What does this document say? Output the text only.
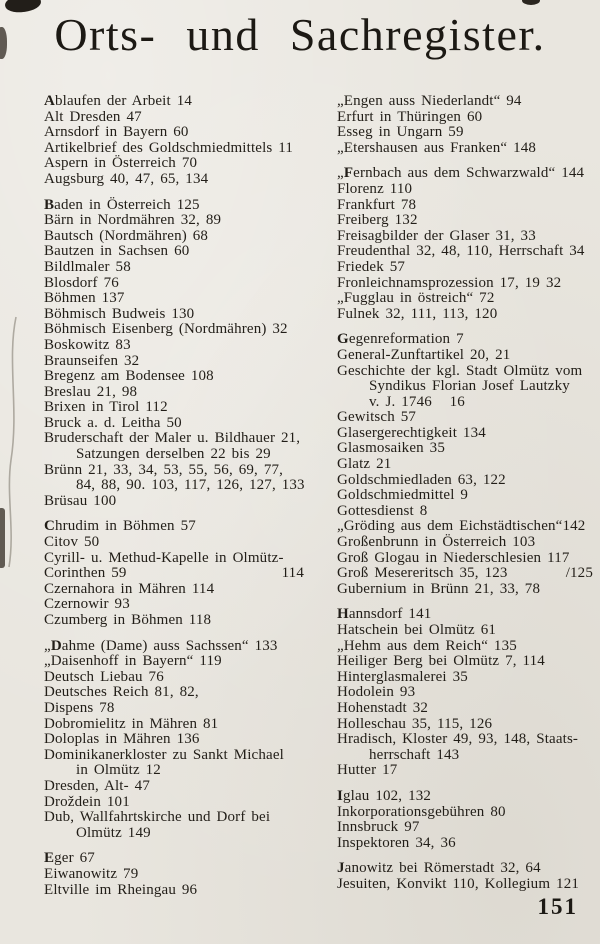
Orts- und Sachregister.
Ablaufen der Arbeit 14
Alt Dresden 47
Arnsdorf in Bayern 60
Artikelbrief des Goldschmiedmittels 11
Aspern in Österreich 70
Augsburg 40, 47, 65, 134
Baden in Österreich 125
Bärn in Nordmähren 32, 89
Bautsch (Nordmähren) 68
Bautzen in Sachsen 60
Bildlmaler 58
Blosdorf 76
Böhmen 137
Böhmisch Budweis 130
Böhmisch Eisenberg (Nordmähren) 32
Boskowitz 83
Braunseifen 32
Bregenz am Bodensee 108
Breslau 21, 98
Brixen in Tirol 112
Bruck a. d. Leitha 50
Bruderschaft der Maler u. Bildhauer 21,
Satzungen derselben 22 bis 29
Brünn 21, 33, 34, 53, 55, 56, 69, 77,
84, 88, 90. 103, 117, 126, 127, 133
Brüsau 100
Chrudim in Böhmen 57
Citov 50
Cyrill- u. Methud-Kapelle in Olmütz-
Corinthen 59	114
Czernahora in Mähren 114
Czernowir 93
Czumberg in Böhmen 118
„Dahme (Dame) auss Sachssen“ 133
„Daisenhoff in Bayern“ 119
Deutsch Liebau 76
Deutsches Reich 81, 82,
Dispens 78
Dobromielitz in Mähren 81
Doloplas in Mähren 136
Dominikanerkloster zu Sankt Michael
in Olmütz 12
Dresden, Alt- 47
Droždein 101
Dub, Wallfahrtskirche und Dorf bei
Olmütz 149
Eger 67
Eiwanowitz 79
Eltville im Rheingau 96
„Engen auss Niederlandt“ 94
Erfurt in Thüringen 60
Esseg in Ungarn 59
„Etershausen aus Franken“ 148
„Fernbach aus dem Schwarzwald“ 144
Florenz 110
Frankfurt 78
Freiberg 132
Freisagbilder der Glaser 31, 33
Freudenthal 32, 48, 110, Herrschaft 34
Friedek 57
Fronleichnamsprozession 17, 19 32
„Fugglau in östreich“ 72
Fulnek 32, 111, 113, 120
Gegenreformation 7
General-Zunftartikel 20, 21
Geschichte der kgl. Stadt Olmütz vom
Syndikus Florian Josef Lautzky
v. J. 1746   16
Gewitsch 57
Glasergerechtigkeit 134
Glasmosaiken 35
Glatz 21
Goldschmiedladen 63, 122
Goldschmiedmittel 9
Gottesdienst 8
„Gröding aus dem Eichstädtischen“142
Großenbrunn in Österreich 103
Groß Glogau in Niederschlesien 117
Groß Mesereritsch 35, 123	/125
Gubernium in Brünn 21, 33, 78
Hannsdorf 141
Hatschein bei Olmütz 61
„Hehm aus dem Reich“ 135
Heiliger Berg bei Olmütz 7, 114
Hinterglasmalerei 35
Hodolein 93
Hohenstadt 32
Holleschau 35, 115, 126
Hradisch, Kloster 49, 93, 148, Staats-
herrschaft 143
Hutter 17
Iglau 102, 132
Inkorporationsgebühren 80
Innsbruck 97
Inspektoren 34, 36
Janowitz bei Römerstadt 32, 64
Jesuiten, Konvikt 110, Kollegium 121
151
